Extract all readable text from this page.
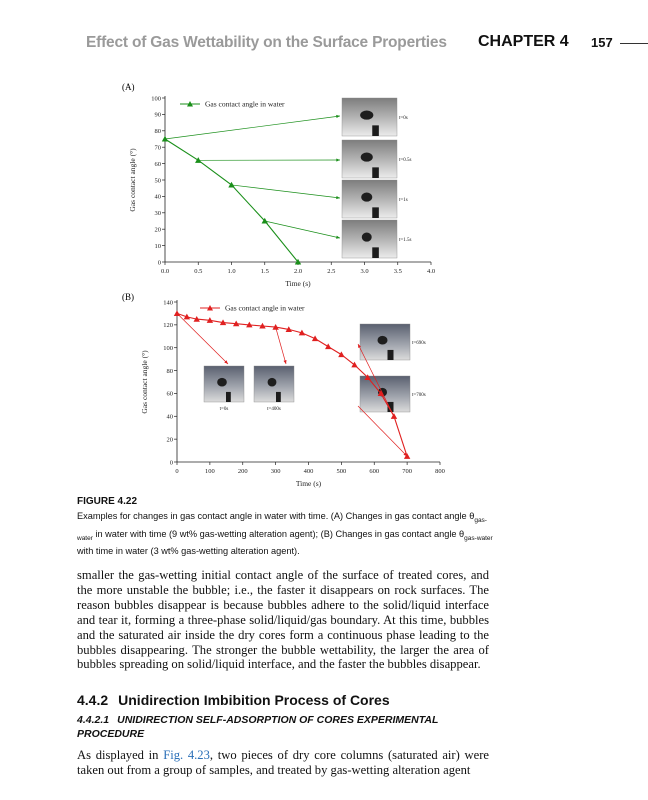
Effect of Gas Wettability on the Surface Properties CHAPTER 4 157
(A)
0.0	0.5	1.0	1.5	2.0	2.5	3.0	3.5	4.0
0
10
20
30
40
50
60
70
80
90
100
Time (s)
Gas contact angle (°)
t=0s
t=0.5s
t=1s
t=1.5s
Gas contact angle in water
(B)
0	100	200	300	400	500	600	700	800
0
20
40
60
80
100
120
140
Time (s)
Gas contact angle (°)	t=0s	t=400s
t=690s
t=700s
Gas contact angle in water
FIGURE 4.22
Examples for changes in gas contact angle in water with time. (A) Changes in gas contact angle $\theta_{gas-water}$ in water with time (9 wt% gas-wetting alteration agent); (B) Changes in gas contact angle $\theta_{gas-water}$ with time in water (3 wt% gas-wetting alteration agent).
smaller the gas-wetting initial contact angle of the surface of treated cores, and the more unstable the bubble; i.e., the faster it disappears on rock surfaces. The reason bubbles disappear is because bubbles adhere to the solid/liquid interface and tear it, forming a three-phase solid/liquid/gas boundary. At this time, bubbles and the saturated air inside the dry cores form a continuous phase leading to the bubbles disappearing. The stronger the bubble wettability, the larger the area of bubbles spreading on solid/liquid interface, and the faster the bubbles disappear.
4.4.2 Unidirection Imbibition Process of Cores
4.4.2.1 UNIDIRECTION SELF-ADSORPTION OF CORES EXPERIMENTAL PROCEDURE
As displayed in Fig. 4.23, two pieces of dry core columns (saturated air) were taken out from a group of samples, and treated by gas-wetting alteration agent
